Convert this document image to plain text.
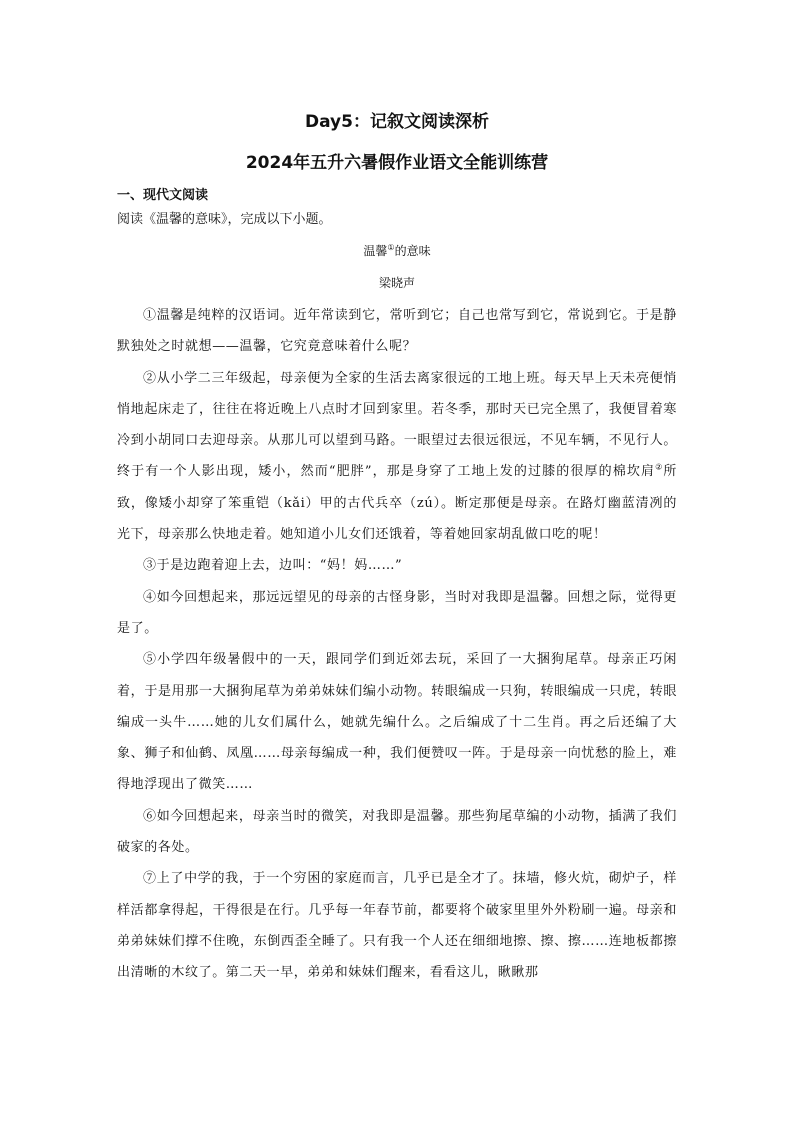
Day5：记叙文阅读深析
2024年五升六暑假作业语文全能训练营
一、现代文阅读
阅读《温馨的意味》，完成以下小题。
温馨①的意味
梁晓声

①温馨是纯粹的汉语词。近年常读到它，常听到它；自己也常写到它，常说到它。于是静默独处之时就想——温馨，它究竟意味着什么呢？

②从小学二三年级起，母亲便为全家的生活去离家很远的工地上班。每天早上天未亮便悄悄地起床走了，往往在将近晚上八点时才回到家里。若冬季，那时天已完全黑了，我便冒着寒冷到小胡同口去迎母亲。从那儿可以望到马路。一眼望过去很远很远，不见车辆，不见行人。终于有一个人影出现，矮小，然而“肥胖”，那是身穿了工地上发的过膝的很厚的棉坎肩②所致，像矮小却穿了笨重铠（kǎi）甲的古代兵卒（zú）。断定那便是母亲。在路灯幽蓝清冽的光下，母亲那么快地走着。她知道小儿女们还饿着，等着她回家胡乱做口吃的呢！

③于是边跑着迎上去，边叫：“妈！妈……”

④如今回想起来，那远远望见的母亲的古怪身影，当时对我即是温馨。回想之际，觉得更是了。

⑤小学四年级暑假中的一天，跟同学们到近郊去玩，采回了一大捆狗尾草。母亲正巧闲着，于是用那一大捆狗尾草为弟弟妹妹们编小动物。转眼编成一只狗，转眼编成一只虎，转眼编成一头牛……她的儿女们属什么，她就先编什么。之后编成了十二生肖。再之后还编了大象、狮子和仙鹤、凤凰……母亲每编成一种，我们便赞叹一阵。于是母亲一向忧愁的脸上，难得地浮现出了微笑……

⑥如今回想起来，母亲当时的微笑，对我即是温馨。那些狗尾草编的小动物，插满了我们破家的各处。

⑦上了中学的我，于一个穷困的家庭而言，几乎已是全才了。抹墙，修火炕，砌炉子，样样活都拿得起，干得很是在行。几乎每一年春节前，都要将个破家里里外外粉刷一遍。母亲和弟弟妹妹们撑不住晚，东倒西歪全睡了。只有我一个人还在细细地擦、擦、擦……连地板都擦出清晰的木纹了。第二天一早，弟弟和妹妹们醒来，看看这儿，瞅瞅那
